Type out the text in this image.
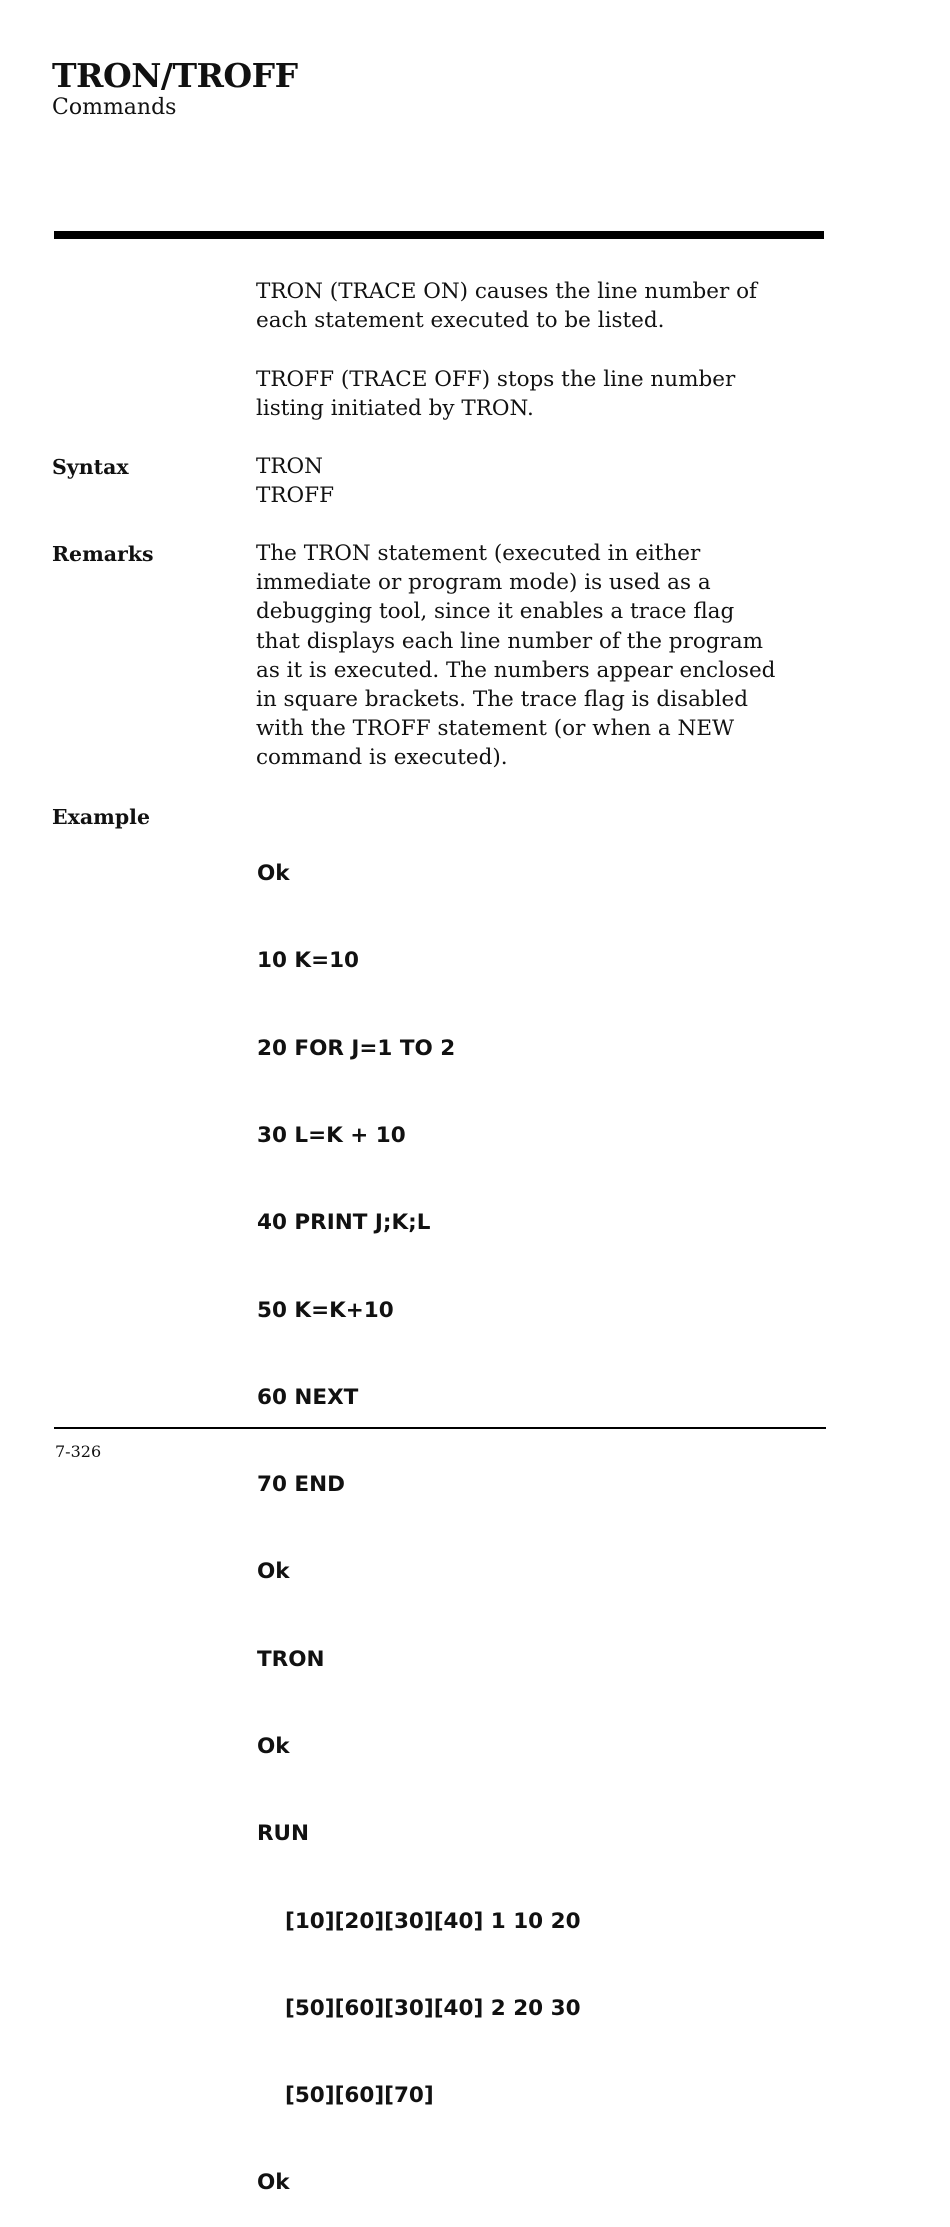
TRON/TROFF
Commands

TRON (TRACE ON) causes the line number of
each statement executed to be listed.

TROFF (TRACE OFF) stops the line number
listing initiated by TRON.

Syntax	TRON
TROFF

Remarks	The TRON statement (executed in either
immediate or program mode) is used as a
debugging tool, since it enables a trace flag
that displays each line number of the program
as it is executed. The numbers appear enclosed
in square brackets. The trace flag is disabled
with the TROFF statement (or when a NEW
command is executed).

Example

Ok

10 K=10

20 FOR J=1 TO 2

30 L=K + 10

40 PRINT J;K;L

50 K=K+10

60 NEXT

70 END

Ok

TRON

Ok

RUN

[10][20][30][40] 1 10 20

[50][60][30][40] 2 20 30

[50][60][70]

Ok

7-326
